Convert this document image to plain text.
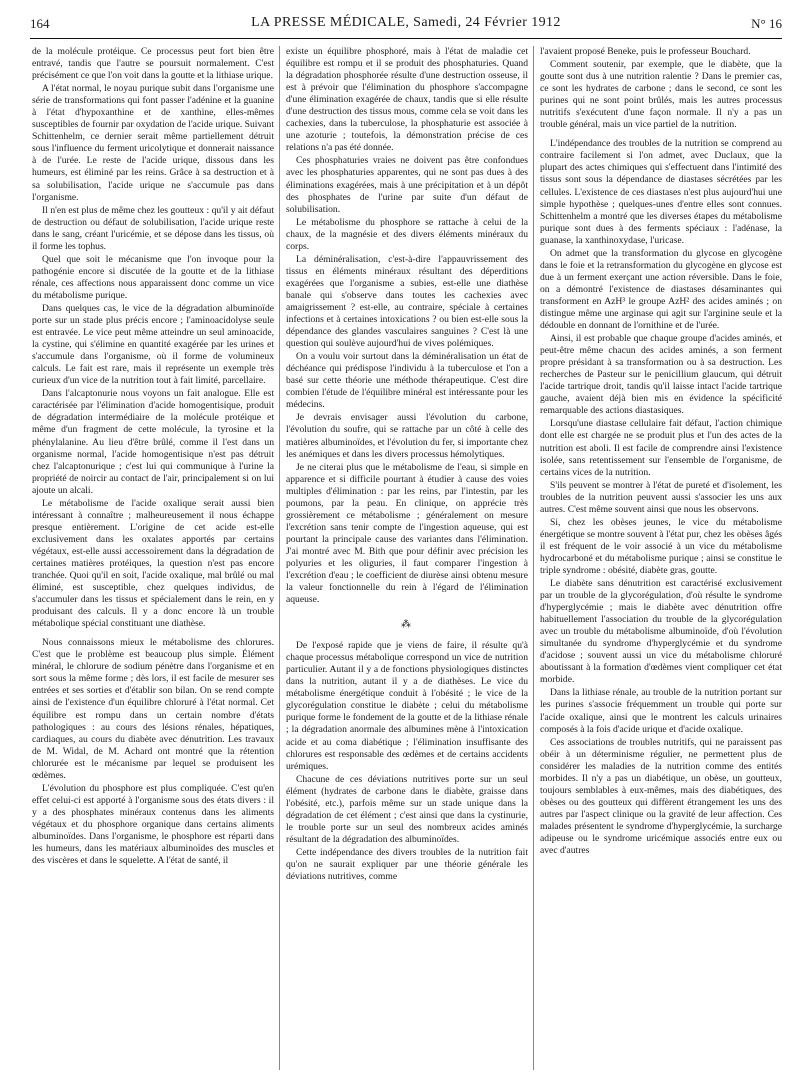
164	LA PRESSE MÉDICALE, Samedi, 24 Février 1912	N° 16

de la molécule protéique. Ce processus peut fort bien être entravé, tandis que l'autre se poursuit normalement. C'est précisément ce que l'on voit dans la goutte et la lithiase urique.

A l'état normal, le noyau purique subit dans l'organisme une série de transformations qui font passer l'adénine et la guanine à l'état d'hypoxanthine et de xanthine, elles-mêmes susceptibles de fournir par oxydation de l'acide urique. Suivant Schittenhelm, ce dernier serait même partiellement détruit sous l'influence du ferment uricolytique et donnerait naissance à de l'urée. Le reste de l'acide urique, dissous dans les humeurs, est éliminé par les reins. Grâce à sa destruction et à sa solubilisation, l'acide urique ne s'accumule pas dans l'organisme.

Il n'en est plus de même chez les goutteux : qu'il y ait défaut de destruction ou défaut de solubilisation, l'acide urique reste dans le sang, créant l'uricémie, et se dépose dans les tissus, où il forme les tophus.

Quel que soit le mécanisme que l'on invoque pour la pathogénie encore si discutée de la goutte et de la lithiase rénale, ces affections nous apparaissent donc comme un vice du métabolisme purique.

Dans quelques cas, le vice de la dégradation albuminoïde porte sur un stade plus précis encore ; l'aminoacidolyse seule est entravée. Le vice peut même atteindre un seul aminoacide, la cystine, qui s'élimine en quantité exagérée par les urines et s'accumule dans l'organisme, où il forme de volumineux calculs. Le fait est rare, mais il représente un exemple très curieux d'un vice de la nutrition tout à fait limité, parcellaire.

Dans l'alcaptonurie nous voyons un fait analogue. Elle est caractérisée par l'élimination d'acide homogentisique, produit de dégradation intermédiaire de la molécule protéique et même d'un fragment de cette molécule, la tyrosine et la phénylalanine. Au lieu d'être brûlé, comme il l'est dans un organisme normal, l'acide homogentisique n'est pas détruit chez l'alcaptonurique ; c'est lui qui communique à l'urine la propriété de noircir au contact de l'air, principalement si on lui ajoute un alcali.

Le métabolisme de l'acide oxalique serait aussi bien intéressant à connaître ; malheureusement il nous échappe presque entièrement. L'origine de cet acide est-elle exclusivement dans les oxalates apportés par certains végétaux, est-elle aussi accessoirement dans la dégradation de certaines matières protéiques, la question n'est pas encore tranchée. Quoi qu'il en soit, l'acide oxalique, mal brûlé ou mal éliminé, est susceptible, chez quelques individus, de s'accumuler dans les tissus et spécialement dans le rein, en y produisant des calculs. Il y a donc encore là un trouble métabolique spécial constituant une diathèse.

Nous connaissons mieux le métabolisme des chlorures. C'est que le problème est beaucoup plus simple. Élément minéral, le chlorure de sodium pénètre dans l'organisme et en sort sous la même forme ; dès lors, il est facile de mesurer ses entrées et ses sorties et d'établir son bilan. On se rend compte ainsi de l'existence d'un équilibre chloruré à l'état normal. Cet équilibre est rompu dans un certain nombre d'états pathologiques : au cours des lésions rénales, hépatiques, cardiaques, au cours du diabète avec dénutrition. Les travaux de M. Widal, de M. Achard ont montré que la rétention chlorurée est le mécanisme par lequel se produisent les œdèmes.

L'évolution du phosphore est plus compliquée. C'est qu'en effet celui-ci est apporté à l'organisme sous des états divers : il y a des phosphates minéraux contenus dans les aliments végétaux et du phosphore organique dans certains aliments albuminoïdes. Dans l'organisme, le phosphore est réparti dans les humeurs, dans les matériaux albuminoïdes des muscles et des viscères et dans le squelette. A l'état de santé, il

existe un équilibre phosphoré, mais à l'état de maladie cet équilibre est rompu et il se produit des phosphaturies. Quand la dégradation phosphorée résulte d'une destruction osseuse, il est à prévoir que l'élimination du phosphore s'accompagne d'une élimination exagérée de chaux, tandis que si elle résulte d'une destruction des tissus mous, comme cela se voit dans les cachexies, dans la tuberculose, la phosphaturie est associée à une azoturie ; toutefois, la démonstration précise de ces relations n'a pas été donnée.

Ces phosphaturies vraies ne doivent pas être confondues avec les phosphaturies apparentes, qui ne sont pas dues à des éliminations exagérées, mais à une précipitation et à un dépôt des phosphates de l'urine par suite d'un défaut de solubilisation.

Le métabolisme du phosphore se rattache à celui de la chaux, de la magnésie et des divers éléments minéraux du corps.

La déminéralisation, c'est-à-dire l'appauvrissement des tissus en éléments minéraux résultant des déperditions exagérées que l'organisme a subies, est-elle une diathèse banale qui s'observe dans toutes les cachexies avec amaigrissement ? est-elle, au contraire, spéciale à certaines infections et à certaines intoxications ? ou bien est-elle sous la dépendance des glandes vasculaires sanguines ? C'est là une question qui soulève aujourd'hui de vives polémiques.

On a voulu voir surtout dans la déminéralisation un état de déchéance qui prédispose l'individu à la tuberculose et l'on a basé sur cette théorie une méthode thérapeutique. C'est dire combien l'étude de l'équilibre minéral est intéressante pour les médecins.

Je devrais envisager aussi l'évolution du carbone, l'évolution du soufre, qui se rattache par un côté à celle des matières albuminoïdes, et l'évolution du fer, si importante chez les anémiques et dans les divers processus hémolytiques.

Je ne citerai plus que le métabolisme de l'eau, si simple en apparence et si difficile pourtant à étudier à cause des voies multiples d'élimination : par les reins, par l'intestin, par les poumons, par la peau. En clinique, on apprécie très grossièrement ce métabolisme ; généralement on mesure l'excrétion sans tenir compte de l'ingestion aqueuse, qui est pourtant la principale cause des variantes dans l'élimination. J'ai montré avec M. Bith que pour définir avec précision les polyuries et les oliguries, il faut comparer l'ingestion à l'excrétion d'eau ; le coefficient de diurèse ainsi obtenu mesure la valeur fonctionnelle du rein à l'égard de l'élimination aqueuse.

⁂

De l'exposé rapide que je viens de faire, il résulte qu'à chaque processus métabolique correspond un vice de nutrition particulier. Autant il y a de fonctions physiologiques distinctes dans la nutrition, autant il y a de diathèses. Le vice du métabolisme énergétique conduit à l'obésité ; le vice de la glycorégulation constitue le diabète ; celui du métabolisme purique forme le fondement de la goutte et de la lithiase rénale ; la dégradation anormale des albumines mène à l'intoxication acide et au coma diabétique ; l'élimination insuffisante des chlorures est responsable des œdèmes et de certains accidents urémiques.

Chacune de ces déviations nutritives porte sur un seul élément (hydrates de carbone dans le diabète, graisse dans l'obésité, etc.), parfois même sur un stade unique dans la dégradation de cet élément ; c'est ainsi que dans la cystinurie, le trouble porte sur un seul des nombreux acides aminés résultant de la dégradation des albuminoïdes.

Cette indépendance des divers troubles de la nutrition fait qu'on ne saurait expliquer par une théorie générale les déviations nutritives, comme

l'avaient proposé Beneke, puis le professeur Bouchard.

Comment soutenir, par exemple, que le diabète, que la goutte sont dus à une nutrition ralentie ? Dans le premier cas, ce sont les hydrates de carbone ; dans le second, ce sont les purines qui ne sont point brûlés, mais les autres processus nutritifs s'exécutent d'une façon normale. Il n'y a pas un trouble général, mais un vice partiel de la nutrition.

L'indépendance des troubles de la nutrition se comprend au contraire facilement si l'on admet, avec Duclaux, que la plupart des actes chimiques qui s'effectuent dans l'intimité des tissus sont sous la dépendance de diastases sécrétées par les cellules. L'existence de ces diastases n'est plus aujourd'hui une simple hypothèse ; quelques-unes d'entre elles sont connues. Schittenhelm a montré que les diverses étapes du métabolisme purique sont dues à des ferments spéciaux : l'adénase, la guanase, la xanthinoxydase, l'uricase.

On admet que la transformation du glycose en glycogène dans le foie et la retransformation du glycogène en glycose est due à un ferment exerçant une action réversible. Dans le foie, on a démontré l'existence de diastases désaminantes qui transforment en AzH³ le groupe AzH² des acides aminés ; on distingue même une arginase qui agit sur l'arginine seule et la dédouble en donnant de l'ornithine et de l'urée.

Ainsi, il est probable que chaque groupe d'acides aminés, et peut-être même chacun des acides aminés, a son ferment propre présidant à sa transformation ou à sa destruction. Les recherches de Pasteur sur le penicillium glaucum, qui détruit l'acide tartrique droit, tandis qu'il laisse intact l'acide tartrique gauche, avaient déjà bien mis en évidence la spécificité remarquable des actions diastasiques.

Lorsqu'une diastase cellulaire fait défaut, l'action chimique dont elle est chargée ne se produit plus et l'un des actes de la nutrition est aboli. Il est facile de comprendre ainsi l'existence isolée, sans retentissement sur l'ensemble de l'organisme, de certains vices de la nutrition.

S'ils peuvent se montrer à l'état de pureté et d'isolement, les troubles de la nutrition peuvent aussi s'associer les uns aux autres. C'est même souvent ainsi que nous les observons.

Si, chez les obèses jeunes, le vice du métabolisme énergétique se montre souvent à l'état pur, chez les obèses âgés il est fréquent de le voir associé à un vice du métabolisme hydrocarboné et du métabolisme purique ; ainsi se constitue le triple syndrome : obésité, diabète gras, goutte.

Le diabète sans dénutrition est caractérisé exclusivement par un trouble de la glycorégulation, d'où résulte le syndrome d'hyperglycémie ; mais le diabète avec dénutrition offre habituellement l'association du trouble de la glycorégulation avec un trouble du métabolisme albuminoïde, d'où l'évolution simultanée du syndrome d'hyperglycémie et du syndrome d'acidose ; souvent aussi un vice du métabolisme chloruré aboutissant à la formation d'œdèmes vient compliquer cet état morbide.

Dans la lithiase rénale, au trouble de la nutrition portant sur les purines s'associe fréquemment un trouble qui porte sur l'acide oxalique, ainsi que le montrent les calculs urinaires composés à la fois d'acide urique et d'acide oxalique.

Ces associations de troubles nutritifs, qui ne paraissent pas obéir à un déterminisme régulier, ne permettent plus de considérer les maladies de la nutrition comme des entités morbides. Il n'y a pas un diabétique, un obèse, un goutteux, toujours semblables à eux-mêmes, mais des diabétiques, des obèses ou des goutteux qui diffèrent étrangement les uns des autres par l'aspect clinique ou la gravité de leur affection. Ces malades présentent le syndrome d'hyperglycémie, la surcharge adipeuse ou le syndrome uricémique associés entre eux ou avec d'autres
